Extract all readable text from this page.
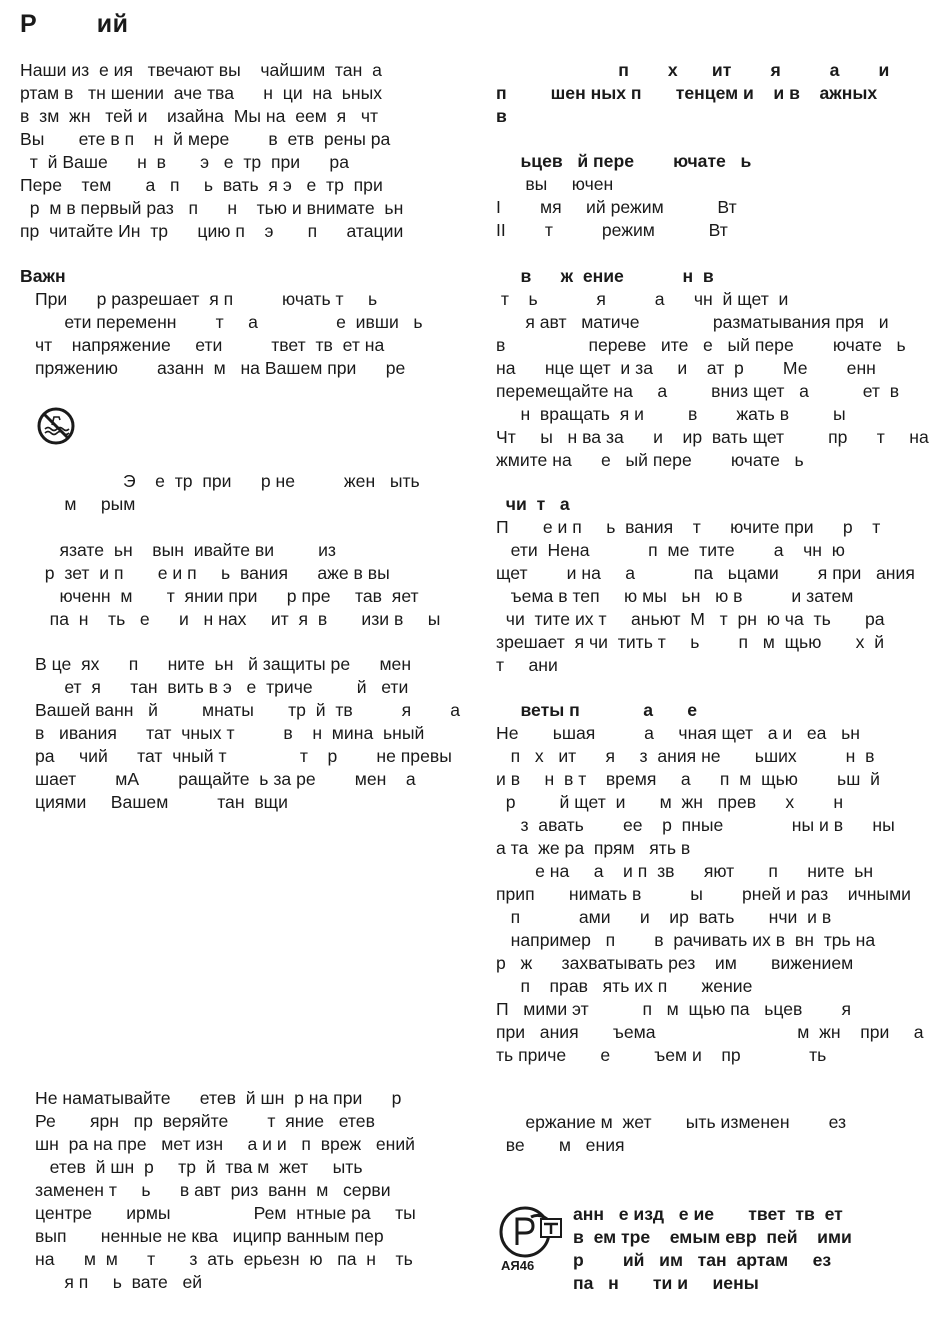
Р        ий
Наши из  е ия   твечают вы    чайшим  тан  а
ртам в   тн шении  аче тва      н  ци  на  ьных
в  зм  жн   тей и    изайна  Мы на  еем  я   чт
Вы       ете в п    н  й мере        в  етв  рены ра
т  й Ваше      н  в       э   е  тр  при      ра
Пере    тем       а   п     ь  вать  я э   е  тр  при
р  м в первый раз   п      н    тью и внимате  ьн
пр  читайте Ин  тр      цию п    э       п      атации
Важн
При      р разрешает  я п          ючать т     ь
ети переменн        т     а                е  ивши   ь
чт    напряжение     ети          твет  тв  ет на
пряжению        азанн  м   на Вашем при      ре
Э    е  тр  при      р не          жен   ыть
м     рым
язате  ьн    вын  ивайте ви         из
р  зет  и п       е и п     ь  вания      аже в вы
юченн  м       т  янии при      р пре     тав  яет
па  н    ть   е      и   н нах     ит  я  в       изи в     ы
В це  ях      п      ните  ьн   й защиты ре      мен
ет  я      тан  вить в э   е  триче         й   ети
Вашей ванн   й         мнаты       тр  й  тв          я        а
в   ивания      тат  чных т          в    н  мина  ьный
ра     чий      тат  чный т               т    р        не превы
шает        мА        ращайте  ь за ре        мен    а
циями     Вашем          тан  вщи
Не наматывайте      етев  й шн  р на при      р
Ре       ярн   пр  веряйте        т  яние   етев
шн  ра на пре   мет изн     а и и   п  вреж   ений
етев  й шн  р     тр  й  тва м  жет     ыть
заменен т     ь      в авт  риз  ванн  м   серви
центре       ирмы                 Рем  нтные ра     ты
вып       ненные не ква   иципр ванным пер
на      м  м      т       з  ать  ерьезн  ю   па  н    ть
я п     ь  вате   ей
п        х       ит        я          а        и
п         шен ных п       тенцем и    и в    ажных
в
ьцев   й пере        ючате   ь
вы     ючен
I        мя     ий режим           Вт
II        т          режим           Вт
в      ж  ение            н  в
т    ь            я          а      чн  й щет  и
я авт   матиче               разматывания пря   и
в                 переве   ите   е   ый пере        ючате   ь
на      нце щет  и за     и    ат  р        Ме        енн
перемещайте на     а         вниз щет   а           ет  в
н  вращать  я и         в        жать в         ы
Чт     ы   н ва за      и    ир  вать щет         пр      т     на
жмите на      е   ый пере        ючате   ь
чи  т   а
П       е и п     ь  вания    т      ючите при      р    т
ети  Нена            п  ме  тите        а    чн  ю
щет        и на     а            па   ьцами        я при   ания
ъема в теп     ю мы   ьн   ю в          и затем
чи  тите их т     аньют  М   т  рн  ю ча  ть       ра
зрешает  я чи  тить т     ь        п   м  щью       х  й
т     ани
веты п             а       е
Не       ьшая          а     чная щет   а и   еа   ьн
п   х   ит      я     з  ания не       ьших          н  в
и в     н  в т    время     а      п  м  щью        ьш  й
р         й щет  и       м  жн   прев      х        н
з  авать        ее    р  пные              ны и в      ны
а та  же ра  прям   ять в
е на     а    и п  зв      яют       п      ните  ьн
прип       нимать в          ы        рней и раз    ичными
п            ами      и    ир  вать       нчи  и в
например   п        в  рачивать их в  вн  трь на
р   ж      захватывать рез    им       вижением
п    прав   ять их п       жение
П   мими эт           п   м  щью па   ьцев        я
при   ания       ъема                             м  жн    при     а
ть приче       е         ъем и    пр              ть
ержание м  жет       ыть изменен        ез
ве       м   ения
АЯ46
анн   е изд   е ие       твет  тв  ет
в  ем тре    емым евр  пей    ими
р        ий   им   тан  артам     ез
па   н       ти и     иены
